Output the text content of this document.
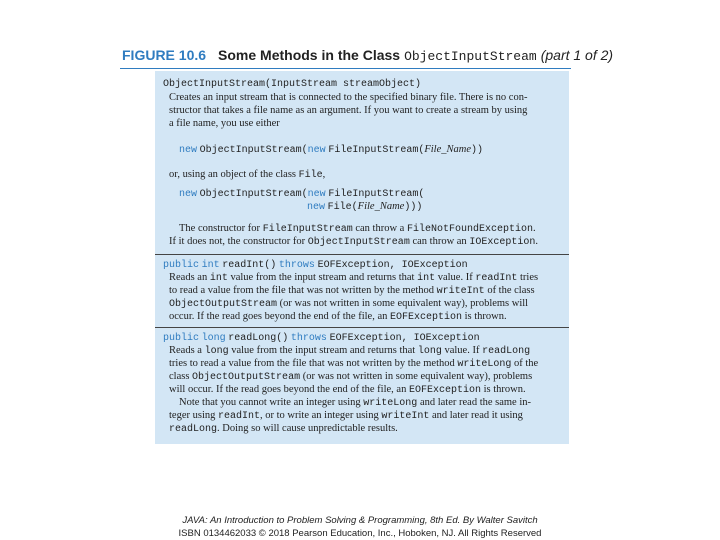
FIGURE 10.6 Some Methods in the Class ObjectInputStream (part 1 of 2)
ObjectInputStream(InputStream streamObject)
Creates an input stream that is connected to the specified binary file. There is no con-
structor that takes a file name as an argument. If you want to create a stream by using
a file name, you use either
new ObjectInputStream(new FileInputStream(File_Name))
or, using an object of the class File,
new ObjectInputStream(new FileInputStream(
new File(File_Name)))
The constructor for FileInputStream can throw a FileNotFoundException.
If it does not, the constructor for ObjectInputStream can throw an IOException.
public int readInt() throws EOFException, IOException
Reads an int value from the input stream and returns that int value. If readInt tries
to read a value from the file that was not written by the method writeInt of the class
ObjectOutputStream (or was not written in some equivalent way), problems will
occur. If the read goes beyond the end of the file, an EOFException is thrown.
public long readLong() throws EOFException, IOException
Reads a long value from the input stream and returns that long value. If readLong
tries to read a value from the file that was not written by the method writeLong of the
class ObjectOutputStream (or was not written in some equivalent way), problems
will occur. If the read goes beyond the end of the file, an EOFException is thrown.
Note that you cannot write an integer using writeLong and later read the same in-
teger using readInt, or to write an integer using writeInt and later read it using
readLong. Doing so will cause unpredictable results.
JAVA: An Introduction to Problem Solving & Programming, 8th Ed. By Walter Savitch
ISBN 0134462033 © 2018 Pearson Education, Inc., Hoboken, NJ. All Rights Reserved
